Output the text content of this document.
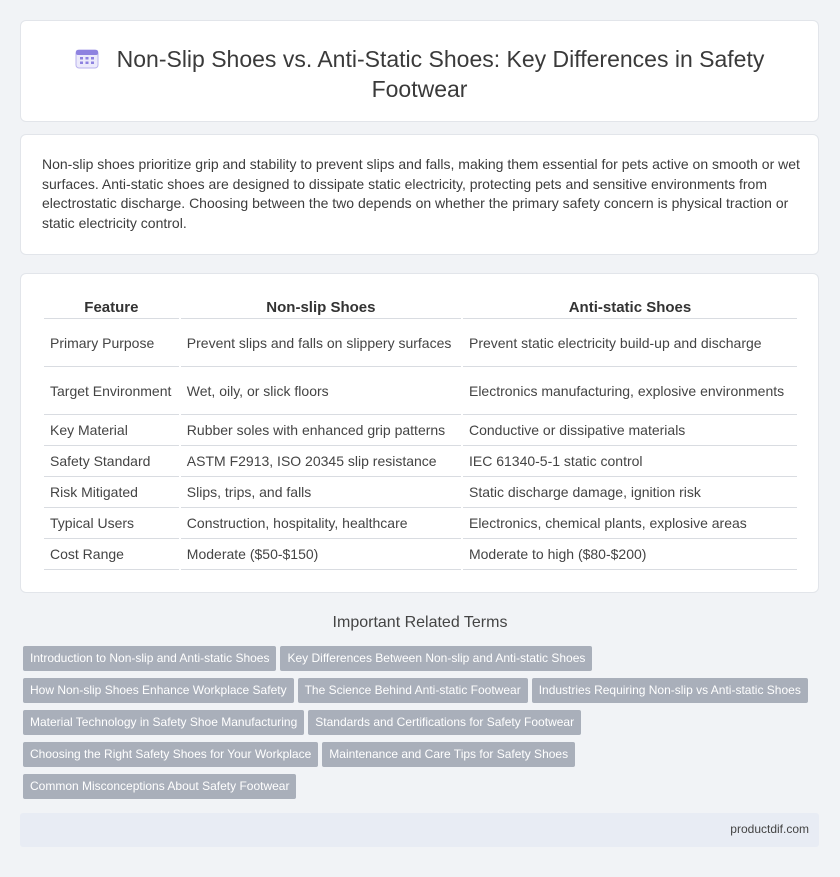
Non-Slip Shoes vs. Anti-Static Shoes: Key Differences in Safety Footwear

Non-slip shoes prioritize grip and stability to prevent slips and falls, making them essential for pets active on smooth or wet surfaces. Anti-static shoes are designed to dissipate static electricity, protecting pets and sensitive environments from electrostatic discharge. Choosing between the two depends on whether the primary safety concern is physical traction or static electricity control.

Feature	Non-slip Shoes	Anti-static Shoes
Primary Purpose	Prevent slips and falls on slippery surfaces	Prevent static electricity build-up and discharge
Target Environment	Wet, oily, or slick floors	Electronics manufacturing, explosive environments
Key Material	Rubber soles with enhanced grip patterns	Conductive or dissipative materials
Safety Standard	ASTM F2913, ISO 20345 slip resistance	IEC 61340-5-1 static control
Risk Mitigated	Slips, trips, and falls	Static discharge damage, ignition risk
Typical Users	Construction, hospitality, healthcare	Electronics, chemical plants, explosive areas
Cost Range	Moderate ($50-$150)	Moderate to high ($80-$200)
Important Related Terms
Introduction to Non-slip and Anti-static Shoes Key Differences Between Non-slip and Anti-static Shoes
How Non-slip Shoes Enhance Workplace Safety The Science Behind Anti-static Footwear Industries Requiring Non-slip vs Anti-static Shoes
Material Technology in Safety Shoe Manufacturing Standards and Certifications for Safety Footwear
Choosing the Right Safety Shoes for Your Workplace Maintenance and Care Tips for Safety Shoes
Common Misconceptions About Safety Footwear
productdif.com
